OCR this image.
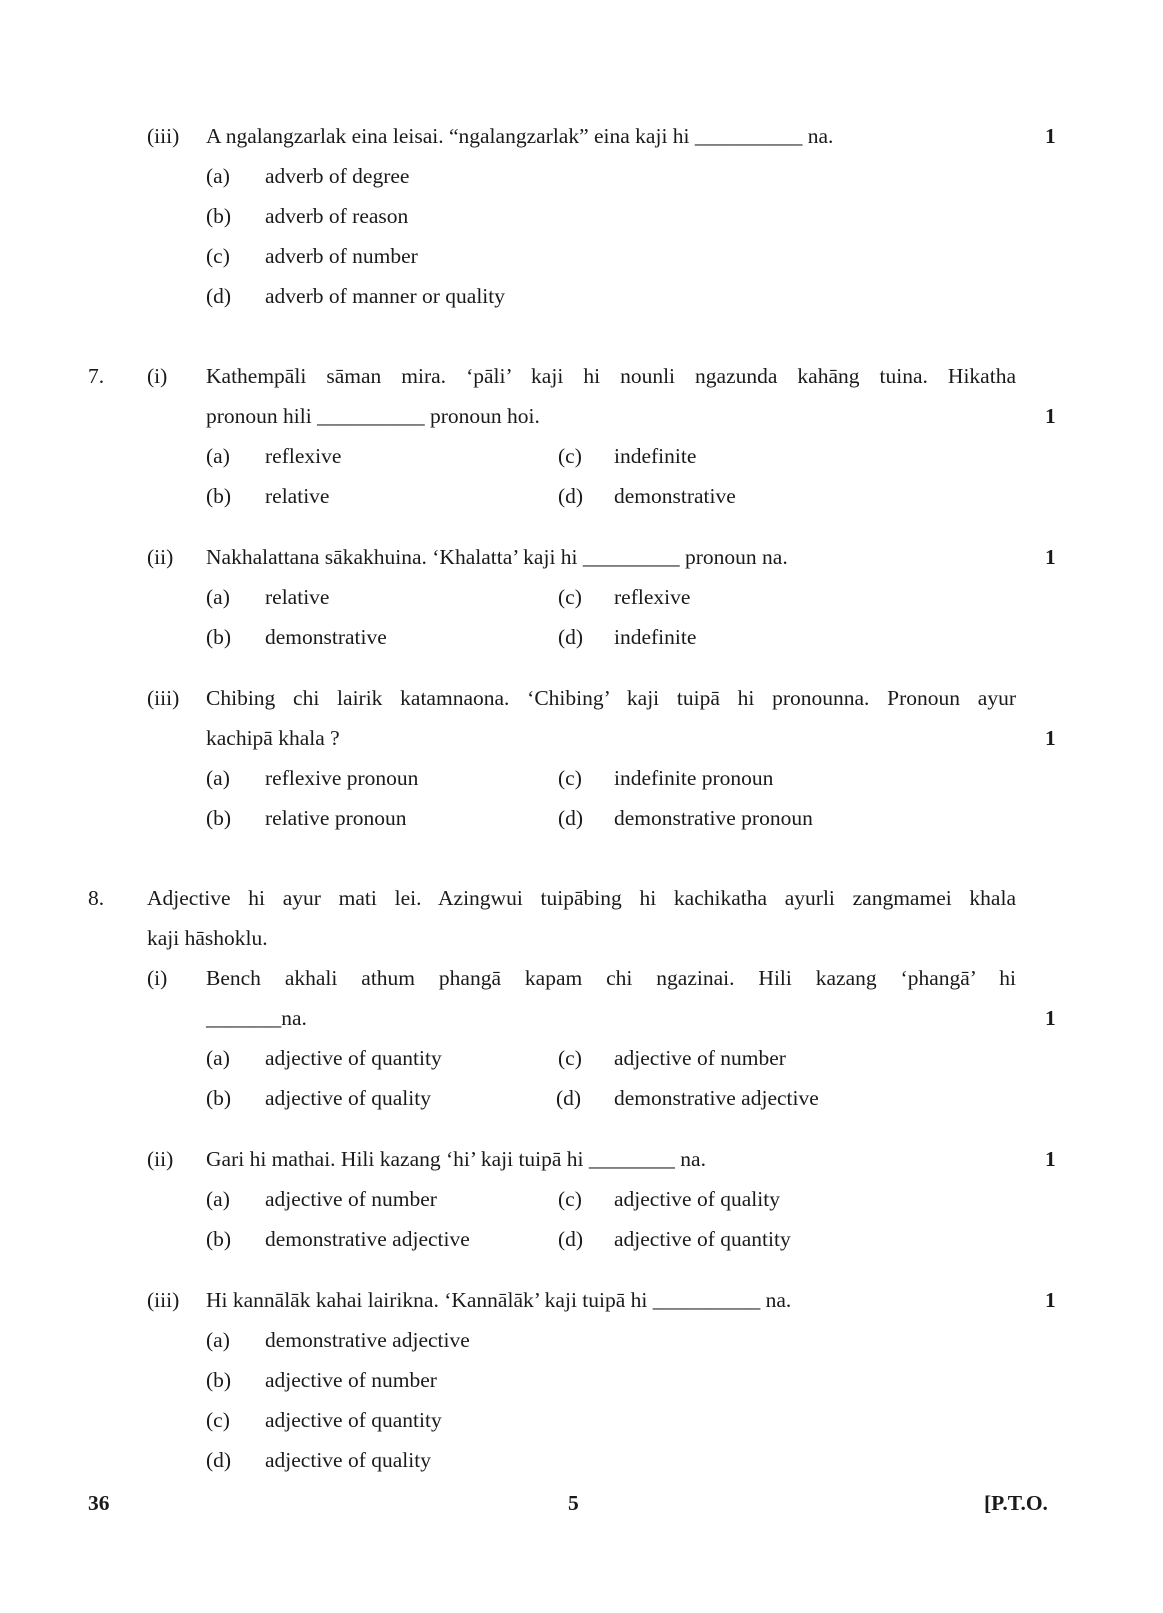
(iii) A ngalangzarlak eina leisai. “ngalangzarlak” eina kaji hi __________ na.	1
(a) adverb of degree
(b) adverb of reason
(c) adverb of number
(d) adverb of manner or quality
7. (i) Kathempāli sāman mira. ‘pāli’ kaji hi nounli ngazunda kahāng tuina. Hikatha
pronoun hili __________ pronoun hoi.	1
(a) reflexive	(c) indefinite
(b) relative	(d) demonstrative
(ii) Nakhalattana sākakhuina. ‘Khalatta’ kaji hi _________ pronoun na.	1
(a) relative	(c) reflexive
(b) demonstrative	(d) indefinite
(iii) Chibing chi lairik katamnaona. ‘Chibing’ kaji tuipā hi pronounna. Pronoun ayur
kachipā khala ?	1
(a) reflexive pronoun	(c) indefinite pronoun
(b) relative pronoun	(d) demonstrative pronoun
8. Adjective hi ayur mati lei. Azingwui tuipābing hi kachikatha ayurli zangmamei khala
kaji hāshoklu.
(i) Bench akhali athum phangā kapam chi ngazinai. Hili kazang ‘phangā’ hi
_______na.	1
(a) adjective of quantity	(c) adjective of number
(b) adjective of quality	(d) demonstrative adjective
(ii) Gari hi mathai. Hili kazang ‘hi’ kaji tuipā hi ________ na.	1
(a) adjective of number	(c) adjective of quality
(b) demonstrative adjective	(d) adjective of quantity
(iii) Hi kannālāk kahai lairikna. ‘Kannālāk’ kaji tuipā hi __________ na.	1
(a) demonstrative adjective
(b) adjective of number
(c) adjective of quantity
(d) adjective of quality
36	5	[P.T.O.
